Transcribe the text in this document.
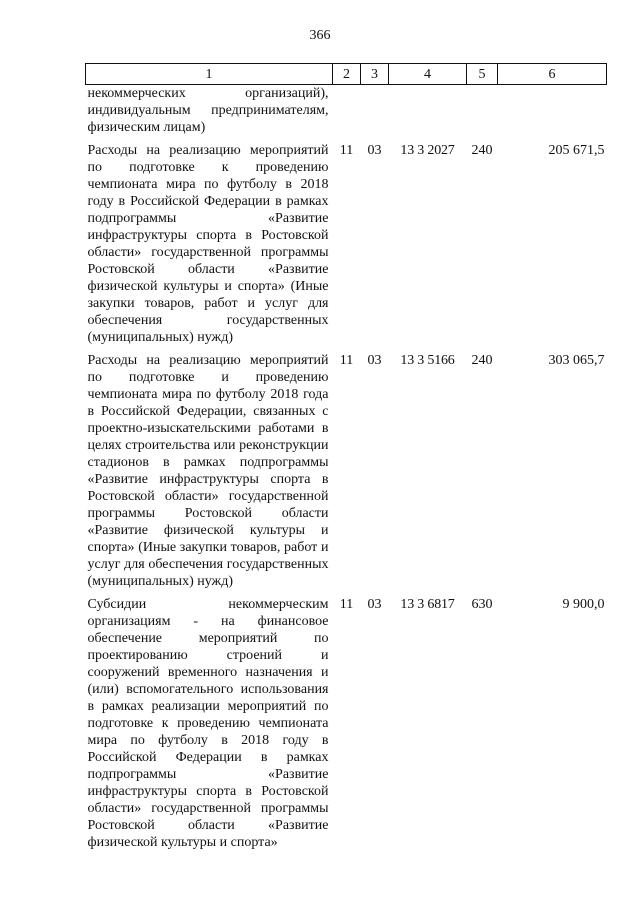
366
1	2	3	4	5	6
некоммерческих организаций), индивидуальным предпринимателям, физическим лицам)					
Расходы на реализацию мероприятий по подготовке к проведению чемпионата мира по футболу в 2018 году в Российской Федерации в рамках подпрограммы «Развитие инфраструктуры спорта в Ростовской области» государственной программы Ростовской области «Развитие физической культуры и спорта» (Иные закупки товаров, работ и услуг для обеспечения государственных (муниципальных) нужд)	11	03	13 3 2027	240	205 671,5
Расходы на реализацию мероприятий по подготовке и проведению чемпионата мира по футболу 2018 года в Российской Федерации, связанных с проектно-изыскательскими работами в целях строительства или реконструкции стадионов в рамках подпрограммы «Развитие инфраструктуры спорта в Ростовской области» государственной программы Ростовской области «Развитие физической культуры и спорта» (Иные закупки товаров, работ и услуг для обеспечения государственных (муниципальных) нужд)	11	03	13 3 5166	240	303 065,7
Субсидии некоммерческим организациям - на финансовое обеспечение мероприятий по проектированию строений и сооружений временного назначения и (или) вспомогательного использования в рамках реализации мероприятий по подготовке к проведению чемпионата мира по футболу в 2018 году в Российской Федерации в рамках подпрограммы «Развитие инфраструктуры спорта в Ростовской области» государственной программы Ростовской области «Развитие физической культуры и спорта»	11	03	13 3 6817	630	9 900,0
